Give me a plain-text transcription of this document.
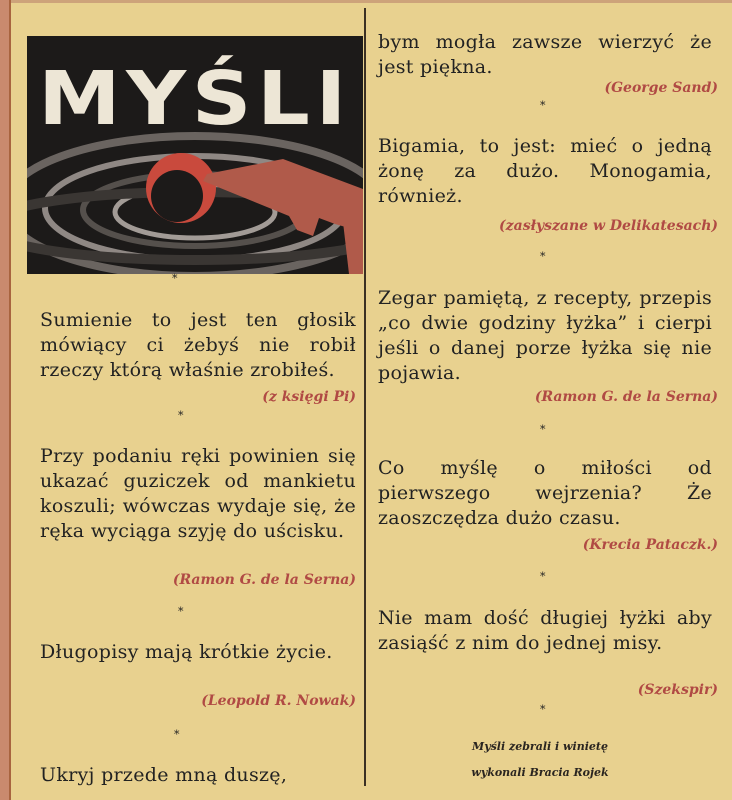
MYŚLI
*
Sumienie to jest ten głosik mówiący ci żebyś nie robił rzeczy którą właśnie zrobiłeś.
(z księgi Pi)
*
Przy podaniu ręki powinien się ukazać guziczek od mankietu koszuli; wówczas wydaje się, że ręka wyciąga szyję do uścisku.
(Ramon G. de la Serna)
*
Długopisy mają krótkie życie.
(Leopold R. Nowak)
*
Ukryj przede mną duszę,
bym mogła zawsze wierzyć że jest piękna.
(George Sand)
*
Bigamia, to jest: mieć o jedną żonę za dużo. Monogamia, również.
(zasłyszane w Delikatesach)
*
Zegar pamiętą, z recepty, przepis „co dwie godziny łyżka” i cierpi jeśli o danej porze łyżka się nie pojawia.
(Ramon G. de la Serna)
*
Co myślę o miłości od pierwszego wejrzenia? Że zaoszczędza dużo czasu.
(Krecia Pataczk.)
*
Nie mam dość długiej łyżki aby zasiąść z nim do jednej misy.
(Szekspir)
*
Myśli zebrali i winietę
wykonali Bracia Rojek
